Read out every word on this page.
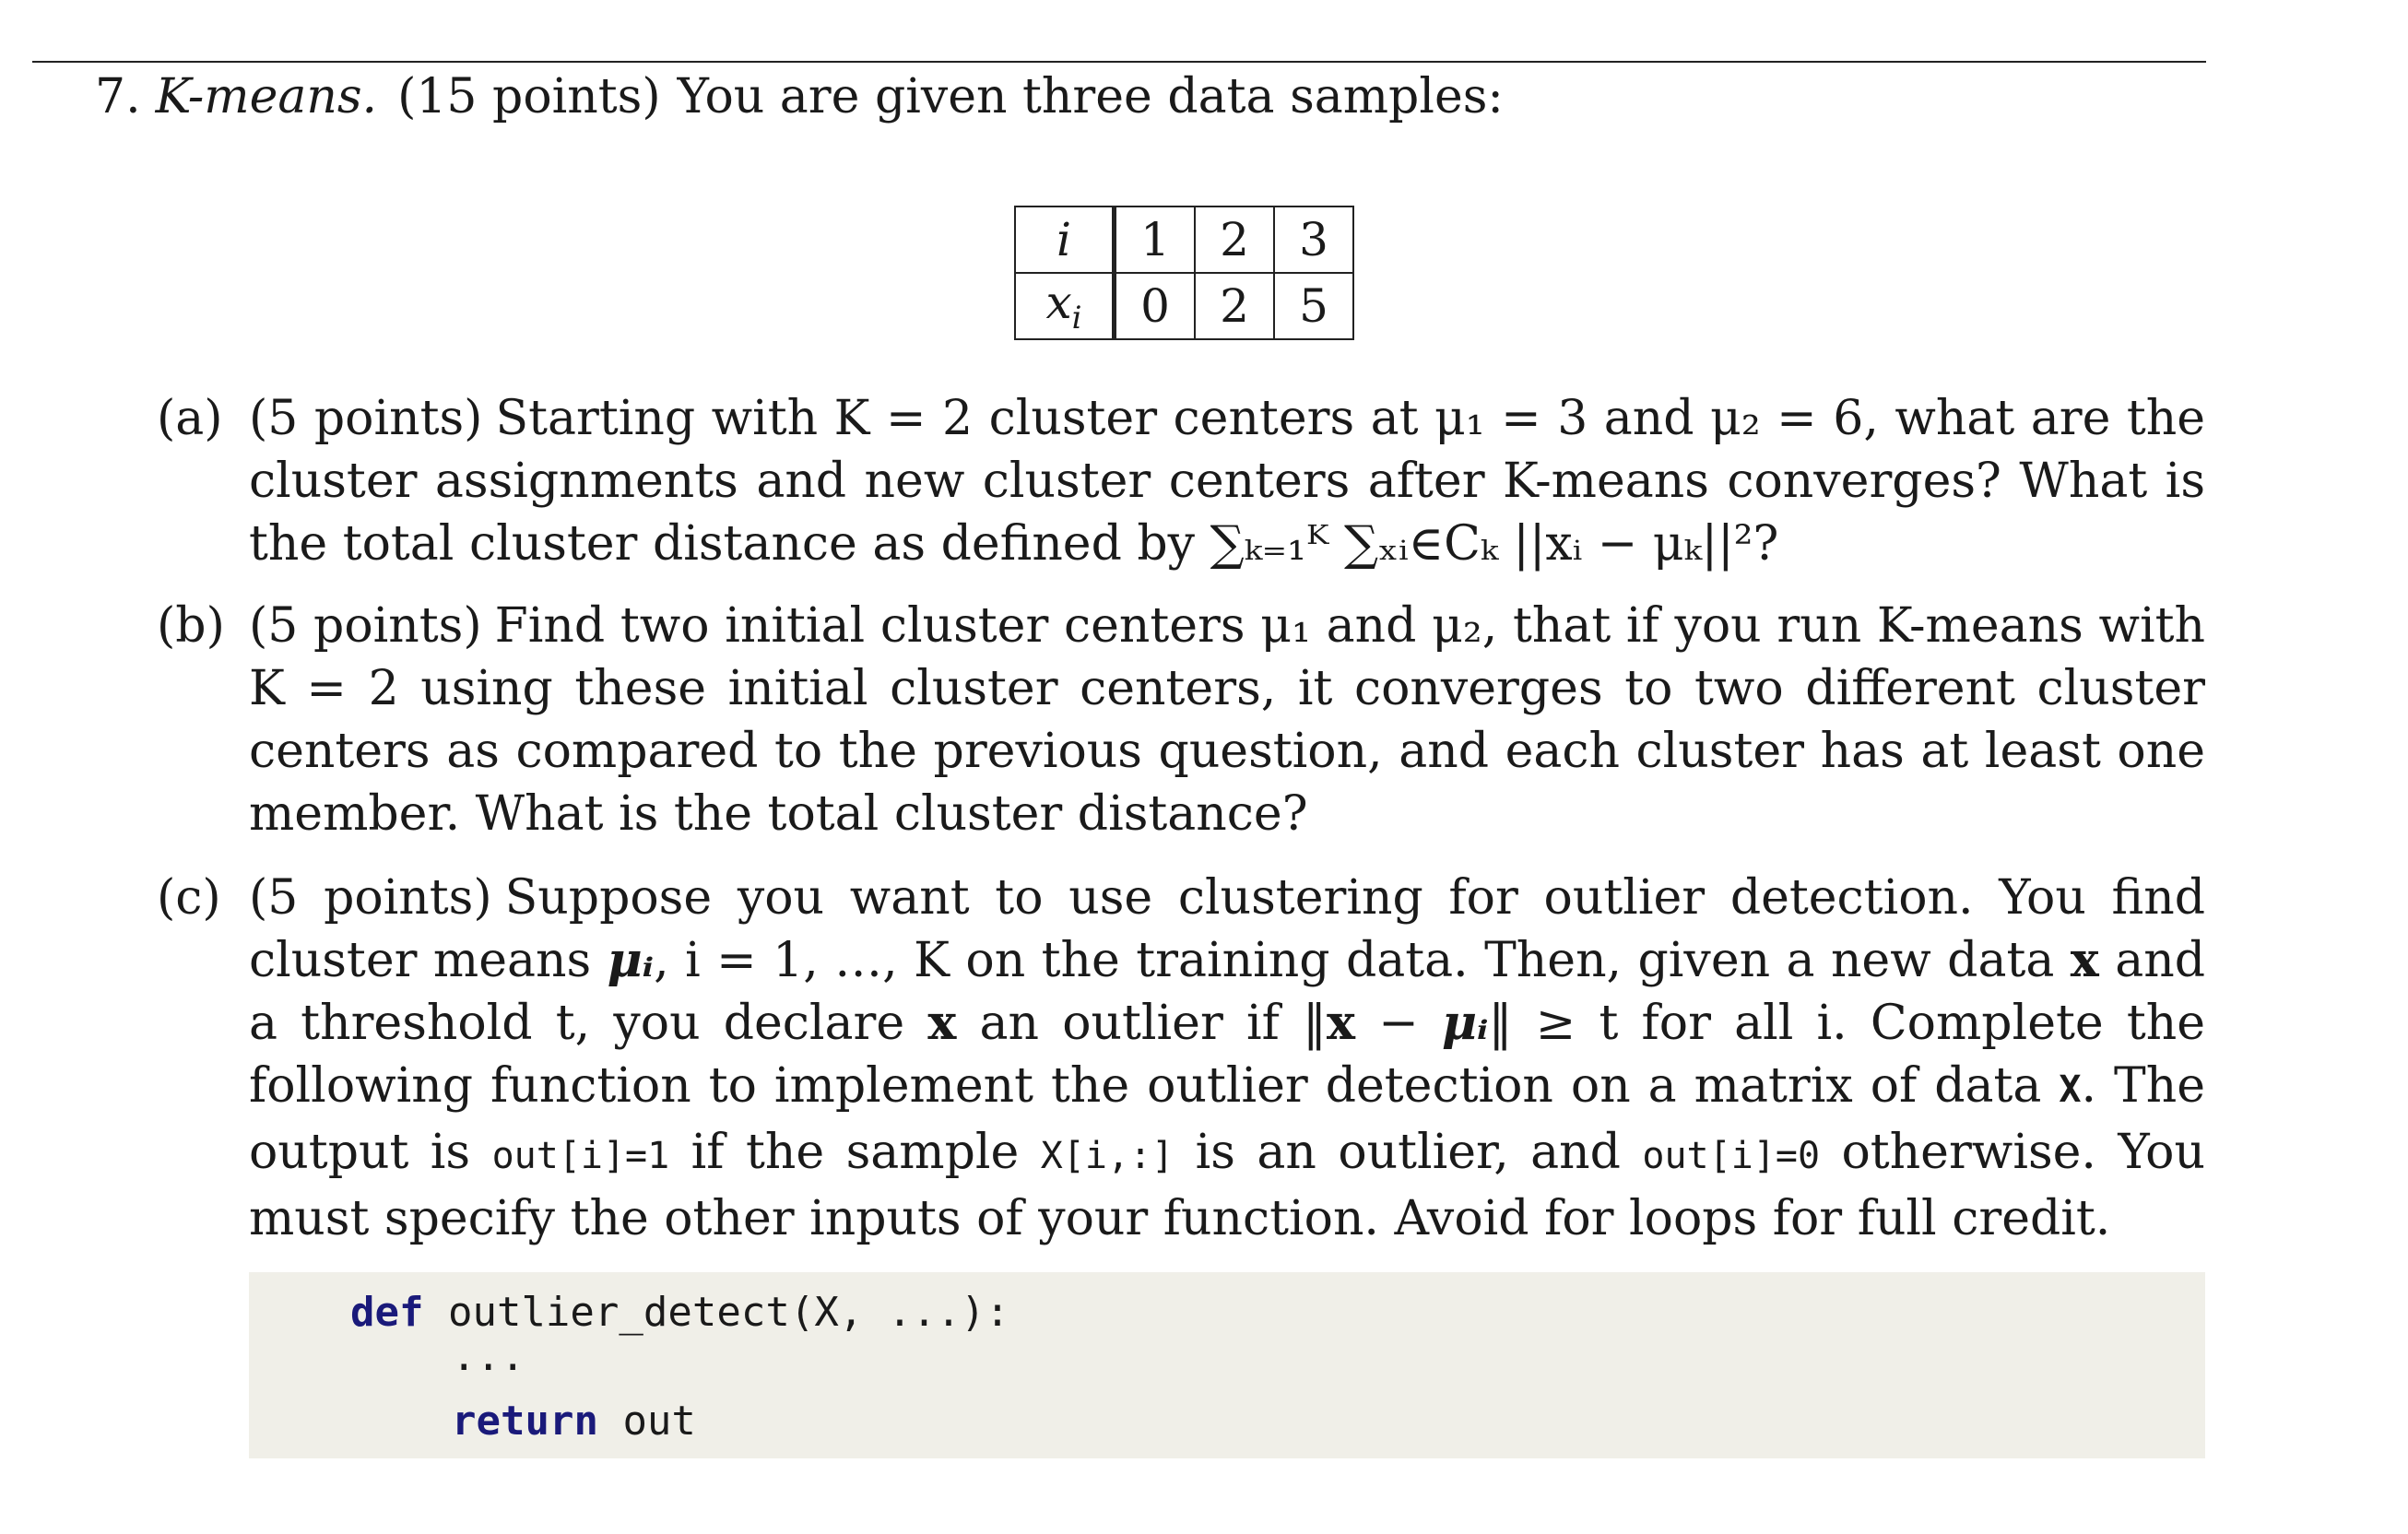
7. K-means. (15 points) You are given three data samples:
i	1	2	3
$x_i$	0	2	5
(a) (5 points) Starting with K = 2 cluster centers at μ₁ = 3 and μ₂ = 6, what are the cluster assignments and new cluster centers after K-means converges? What is the total cluster distance as defined by ∑ₖ₌₁ᴷ ∑ₓᵢ∈Cₖ ||xᵢ − μₖ||²?
(b) (5 points) Find two initial cluster centers μ₁ and μ₂, that if you run K-means with K = 2 using these initial cluster centers, it converges to two different cluster centers as compared to the previous question, and each cluster has at least one member. What is the total cluster distance?
(c) (5 points) Suppose you want to use clustering for outlier detection. You find cluster means μᵢ, i = 1, …, K on the training data. Then, given a new data x and a threshold t, you declare x an outlier if ‖x − μᵢ‖ ≥ t for all i. Complete the following function to implement the outlier detection on a matrix of data X. The output is out[i]=1 if the sample X[i,:] is an outlier, and out[i]=0 otherwise. You must specify the other inputs of your function. Avoid for loops for full credit.
def outlier_detect(X, ...):
...
return out
